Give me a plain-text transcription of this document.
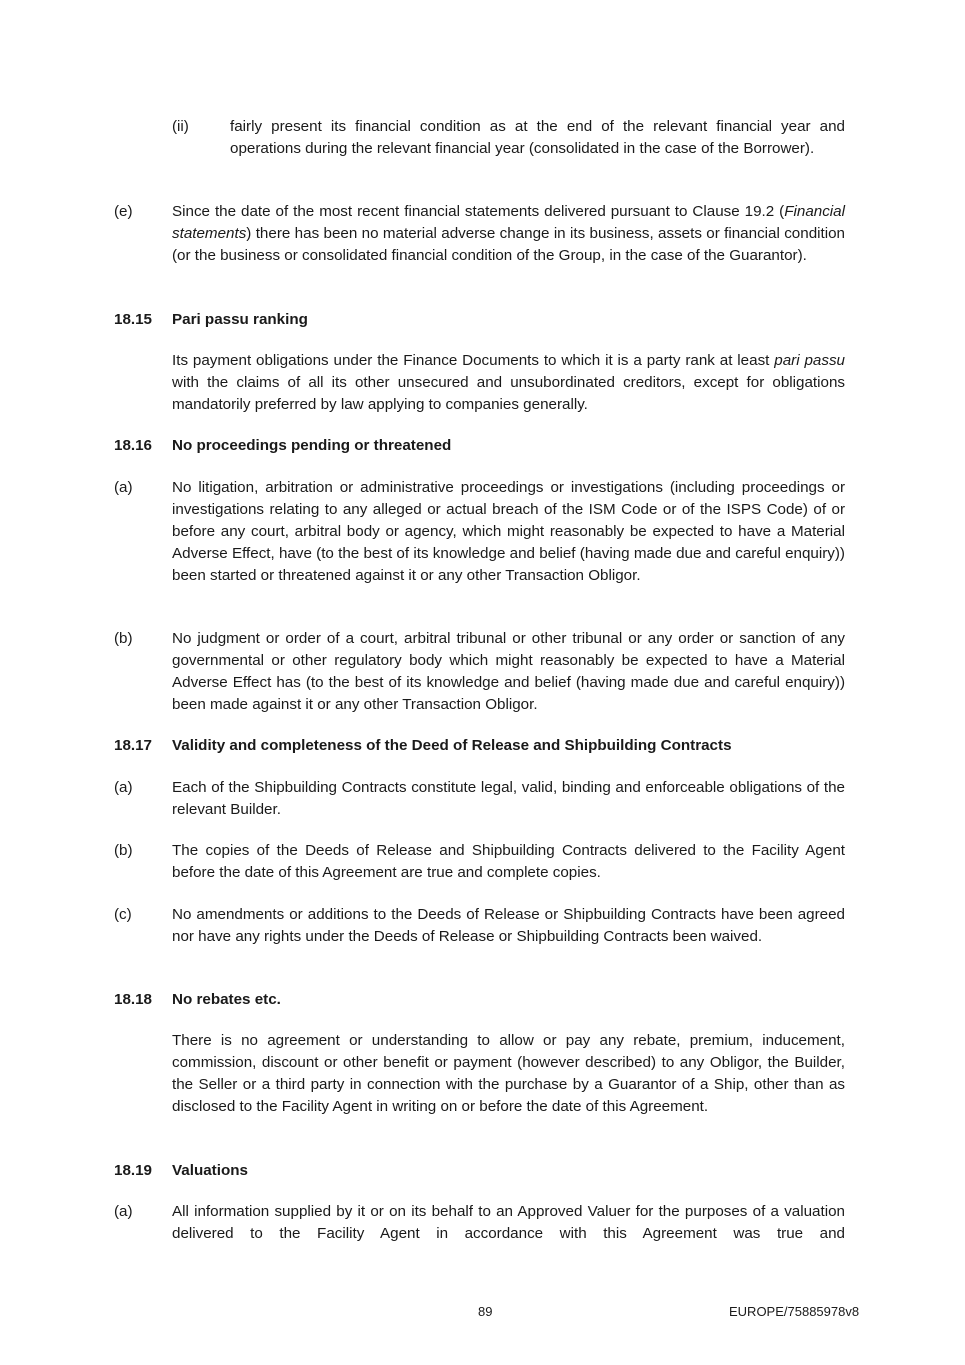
(ii)	fairly present its financial condition as at the end of the relevant financial year and operations during the relevant financial year (consolidated in the case of the Borrower).
(e)	Since the date of the most recent financial statements delivered pursuant to Clause 19.2 (Financial statements) there has been no material adverse change in its business, assets or financial condition (or the business or consolidated financial condition of the Group, in the case of the Guarantor).
18.15 Pari passu ranking
Its payment obligations under the Finance Documents to which it is a party rank at least pari passu with the claims of all its other unsecured and unsubordinated creditors, except for obligations mandatorily preferred by law applying to companies generally.
18.16 No proceedings pending or threatened
(a)	No litigation, arbitration or administrative proceedings or investigations (including proceedings or investigations relating to any alleged or actual breach of the ISM Code or of the ISPS Code) of or before any court, arbitral body or agency, which might reasonably be expected to have a Material Adverse Effect, have (to the best of its knowledge and belief (having made due and careful enquiry)) been started or threatened against it or any other Transaction Obligor.
(b)	No judgment or order of a court, arbitral tribunal or other tribunal or any order or sanction of any governmental or other regulatory body which might reasonably be expected to have a Material Adverse Effect has (to the best of its knowledge and belief (having made due and careful enquiry)) been made against it or any other Transaction Obligor.
18.17 Validity and completeness of the Deed of Release and Shipbuilding Contracts
(a)	Each of the Shipbuilding Contracts constitute legal, valid, binding and enforceable obligations of the relevant Builder.
(b)	The copies of the Deeds of Release and Shipbuilding Contracts delivered to the Facility Agent before the date of this Agreement are true and complete copies.
(c)	No amendments or additions to the Deeds of Release or Shipbuilding Contracts have been agreed nor have any rights under the Deeds of Release or Shipbuilding Contracts been waived.
18.18 No rebates etc.
There is no agreement or understanding to allow or pay any rebate, premium, inducement, commission, discount or other benefit or payment (however described) to any Obligor, the Builder, the Seller or a third party in connection with the purchase by a Guarantor of a Ship, other than as disclosed to the Facility Agent in writing on or before the date of this Agreement.
18.19 Valuations
(a)	All information supplied by it or on its behalf to an Approved Valuer for the purposes of a valuation delivered to the Facility Agent in accordance with this Agreement was true and
89	EUROPE/75885978v8
